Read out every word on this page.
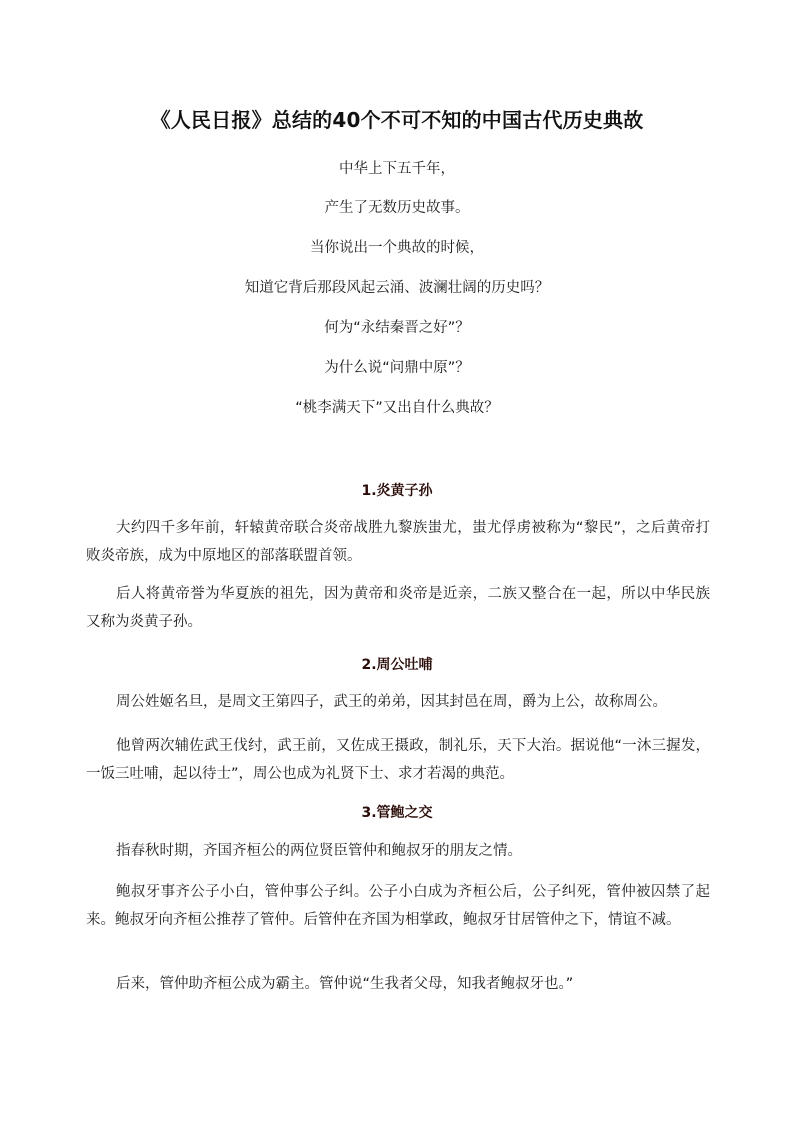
《人民日报》总结的40个不可不知的中国古代历史典故
中华上下五千年，
产生了无数历史故事。
当你说出一个典故的时候，
知道它背后那段风起云涌、波澜壮阔的历史吗？
何为“永结秦晋之好”？
为什么说“问鼎中原”？
“桃李满天下”又出自什么典故？
1.炎黄子孙
大约四千多年前，轩辕黄帝联合炎帝战胜九黎族蚩尤，蚩尤俘虏被称为“黎民”，之后黄帝打败炎帝族，成为中原地区的部落联盟首领。
后人将黄帝誉为华夏族的祖先，因为黄帝和炎帝是近亲，二族又整合在一起，所以中华民族又称为炎黄子孙。
2.周公吐哺
周公姓姬名旦，是周文王第四子，武王的弟弟，因其封邑在周，爵为上公，故称周公。
他曾两次辅佐武王伐纣，武王前，又佐成王摄政，制礼乐，天下大治。据说他“一沐三握发，一饭三吐哺，起以待士”，周公也成为礼贤下士、求才若渴的典范。
3.管鲍之交
指春秋时期，齐国齐桓公的两位贤臣管仲和鲍叔牙的朋友之情。
鲍叔牙事齐公子小白，管仲事公子纠。公子小白成为齐桓公后，公子纠死，管仲被囚禁了起来。鲍叔牙向齐桓公推荐了管仲。后管仲在齐国为相掌政，鲍叔牙甘居管仲之下，情谊不减。
后来，管仲助齐桓公成为霸主。管仲说“生我者父母，知我者鲍叔牙也。”
